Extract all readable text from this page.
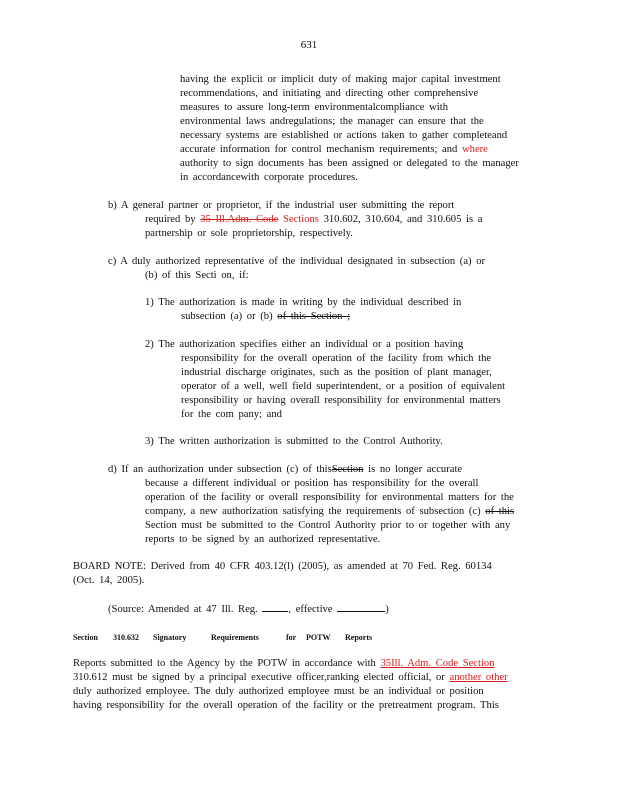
631
having the explicit or implicit duty of making major capital investment
recommendations, and initiating and directing other comprehensive
measures to assure long-term environmentalcompliance with
environmental laws andregulations; the manager can ensure that the
necessary systems are established or actions taken to gather completeand
accurate information for control mechanism requirements; and where
authority to sign documents has been assigned or delegated to the manager
in accordancewith corporate procedures.
b) A general partner or proprietor, if the industrial user submitting the report
required by 35 Ill.Adm. Code Sections 310.602, 310.604, and 310.605 is a
partnership or sole proprietorship, respectively.
c) A duly authorized representative of the individual designated in subsection (a) or
(b) of this Secti on, if:
1) The authorization is made in writing by the individual described in
subsection (a) or (b) of this Section ;
2) The authorization specifies either an individual or a position having
responsibility for the overall operation of the facility from which the
industrial discharge originates, such as the position of plant manager,
operator of a well, well field superintendent, or a position of equivalent
responsibility or having overall responsibility for environmental matters
for the com pany; and
3) The written authorization is submitted to the Control Authority.
d) If an authorization under subsection (c) of thisSection is no longer accurate
because a different individual or position has responsibility for the overall
operation of the facility or overall responsibility for environmental matters for the
company, a new authorization satisfying the requirements of subsection (c) of this
Section must be submitted to the Control Authority prior to or together with any
reports to be signed by an authorized representative.
BOARD NOTE: Derived from 40 CFR 403.12(l) (2005), as amended at 70 Fed. Reg. 60134
(Oct. 14, 2005).
(Source: Amended at 47 Ill. Reg.	, effective	)
Section 310.632 Signatory	Requirements	for POTW Reports
Reports submitted to the Agency by the POTW in accordance with 35Ill. Adm. Code Section
310.612 must be signed by a principal executive officer,ranking elected official, or another other
duly authorized employee. The duly authorized employee must be an individual or position
having responsibility for the overall operation of the facility or the pretreatment program. This
